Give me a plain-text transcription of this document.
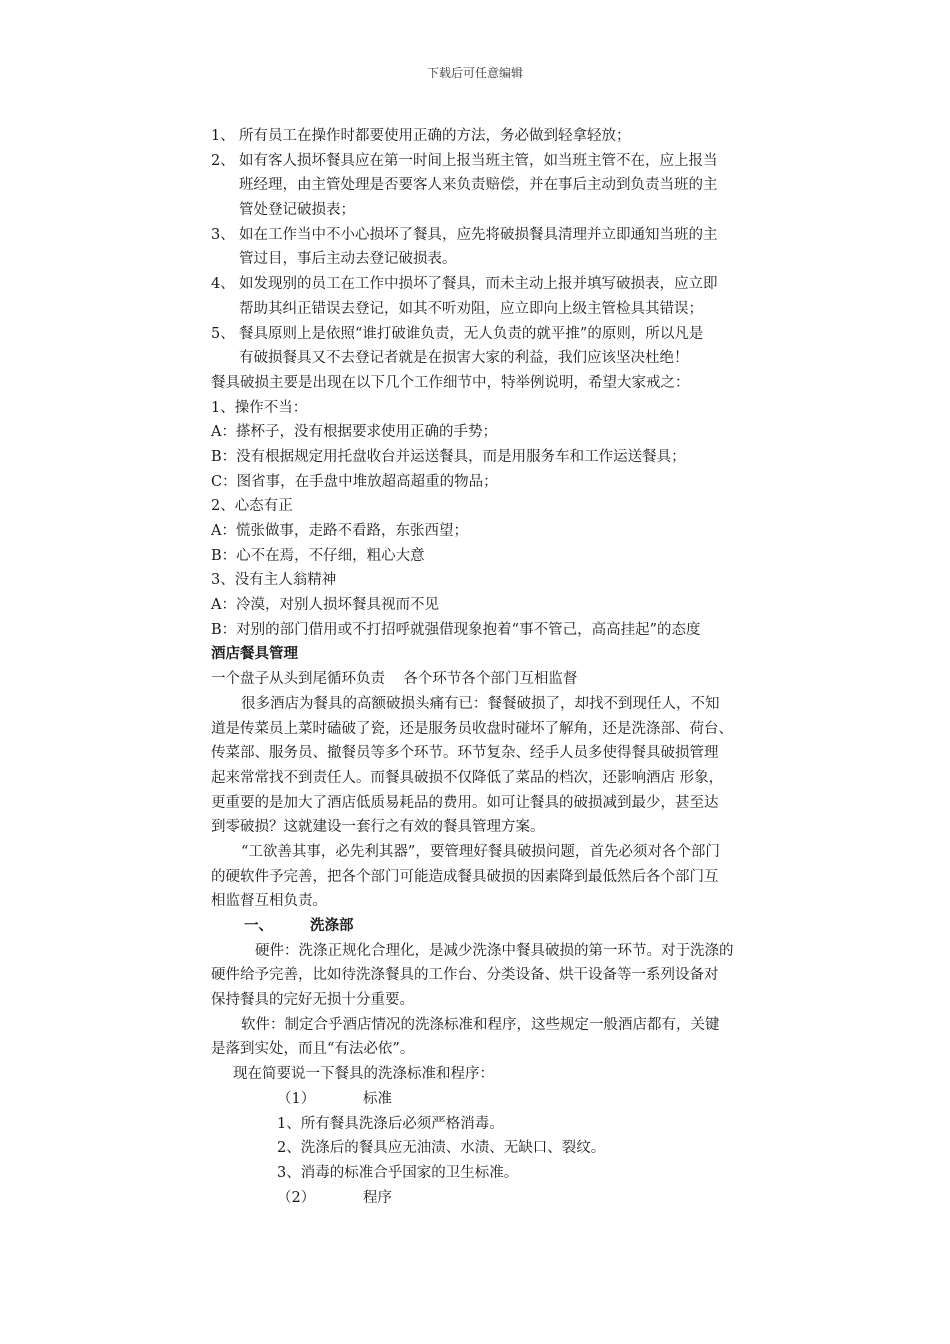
下载后可任意编辑
1、 所有员工在操作时都要使用正确的方法，务必做到轻拿轻放；
2、 如有客人损坏餐具应在第一时间上报当班主管，如当班主管不在，应上报当
班经理，由主管处理是否要客人来负责赔偿，并在事后主动到负责当班的主
管处登记破损表；
3、 如在工作当中不小心损坏了餐具，应先将破损餐具清理并立即通知当班的主
管过目，事后主动去登记破损表。
4、 如发现别的员工在工作中损坏了餐具，而未主动上报并填写破损表，应立即
帮助其纠正错误去登记，如其不听劝阻，应立即向上级主管检具其错误；
5、 餐具原则上是依照“谁打破谁负责，无人负责的就平推”的原则，所以凡是
有破损餐具又不去登记者就是在损害大家的利益，我们应该坚决杜绝！
餐具破损主要是出现在以下几个工作细节中，特举例说明，希望大家戒之：
1、操作不当：
A：搽杯子，没有根据要求使用正确的手势；
B：没有根据规定用托盘收台并运送餐具，而是用服务车和工作运送餐具；
C：图省事，在手盘中堆放超高超重的物品；
2、心态有正
A：慌张做事，走路不看路，东张西望；
B：心不在焉，不仔细，粗心大意
3、没有主人翁精神
A：冷漠，对别人损坏餐具视而不见
B：对别的部门借用或不打招呼就强借现象抱着“事不管己，高高挂起”的态度
酒店餐具管理
一个盘子从头到尾循环负责    各个环节各个部门互相监督
很多酒店为餐具的高额破损头痛有已：餐餐破损了，却找不到现任人，不知
道是传菜员上菜时磕破了瓷，还是服务员收盘时碰坏了解角，还是洗涤部、荷台、
传菜部、服务员、撤餐员等多个环节。环节复杂、经手人员多使得餐具破损管理
起来常常找不到责任人。而餐具破损不仅降低了菜品的档次，还影响酒店 形象，
更重要的是加大了酒店低质易耗品的费用。如可让餐具的破损减到最少，甚至达
到零破损？这就建设一套行之有效的餐具管理方案。
“工欲善其事，必先利其器”，要管理好餐具破损问题，首先必须对各个部门
的硬软件予完善，把各个部门可能造成餐具破损的因素降到最低然后各个部门互
相监督互相负责。
一、	洗涤部
硬件：洗涤正规化合理化，是减少洗涤中餐具破损的第一环节。对于洗涤的
硬件给予完善，比如待洗涤餐具的工作台、分类设备、烘干设备等一系列设备对
保持餐具的完好无损十分重要。
软件：制定合乎酒店情况的洗涤标准和程序，这些规定一般酒店都有，关键
是落到实处，而且“有法必依”。
现在简要说一下餐具的洗涤标准和程序：
（1）	标准
1、所有餐具洗涤后必须严格消毒。
2、洗涤后的餐具应无油渍、水渍、无缺口、裂纹。
3、消毒的标准合乎国家的卫生标准。
（2）	程序
